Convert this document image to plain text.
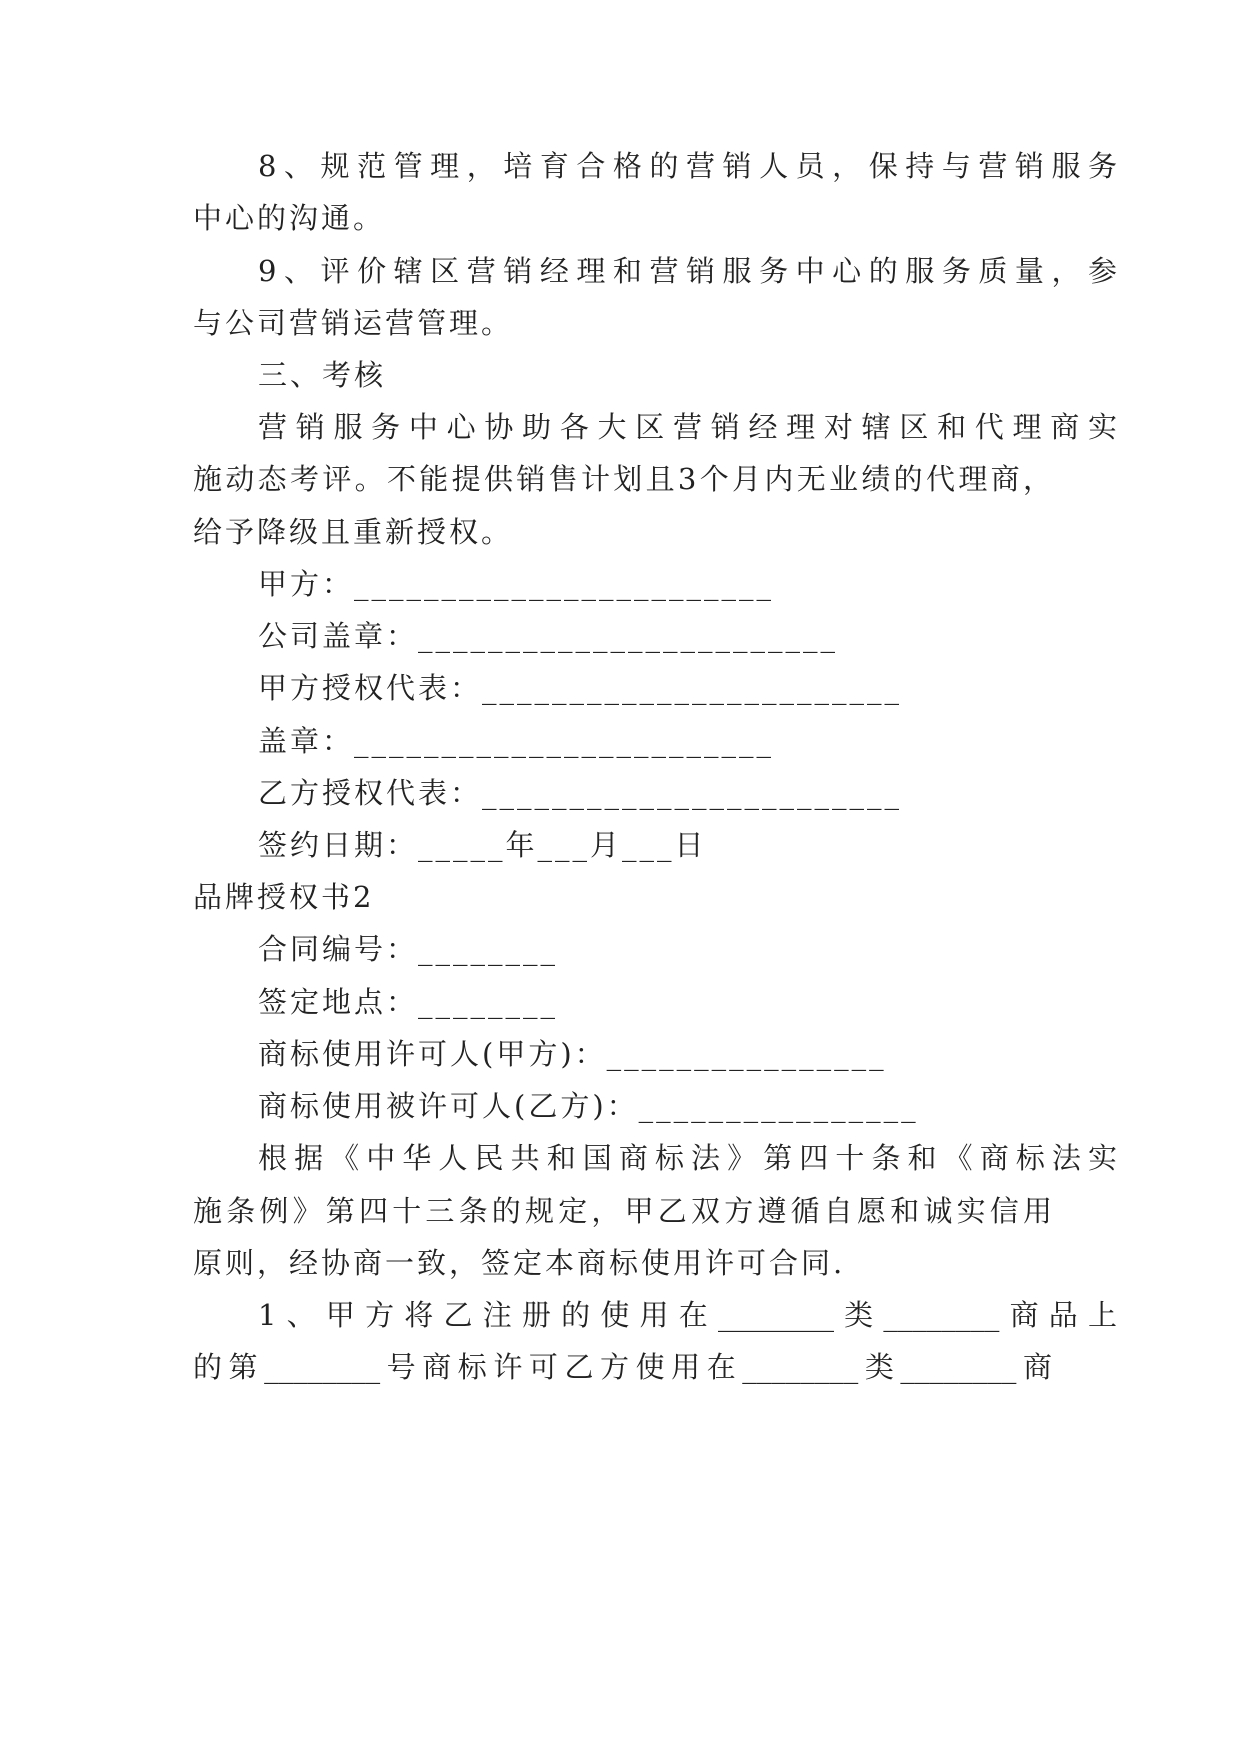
8、规范管理，培育合格的营销人员，保持与营销服务

中心的沟通。

9、评价辖区营销经理和营销服务中心的服务质量，参

与公司营销运营管理。

三、考核

营销服务中心协助各大区营销经理对辖区和代理商实

施动态考评。不能提供销售计划且3个月内无业绩的代理商，

给予降级且重新授权。

甲方：________________________

公司盖章：________________________

甲方授权代表：________________________

盖章：________________________

乙方授权代表：________________________

签约日期：_____年___月___日

品牌授权书2

合同编号：________

签定地点：________

商标使用许可人(甲方)：________________

商标使用被许可人(乙方)：________________

根据《中华人民共和国商标法》第四十条和《商标法实

施条例》第四十三条的规定，甲乙双方遵循自愿和诚实信用

原则，经协商一致，签定本商标使用许可合同.

1、甲方将乙注册的使用在________类________商品上

的第________号商标许可乙方使用在________类________商
